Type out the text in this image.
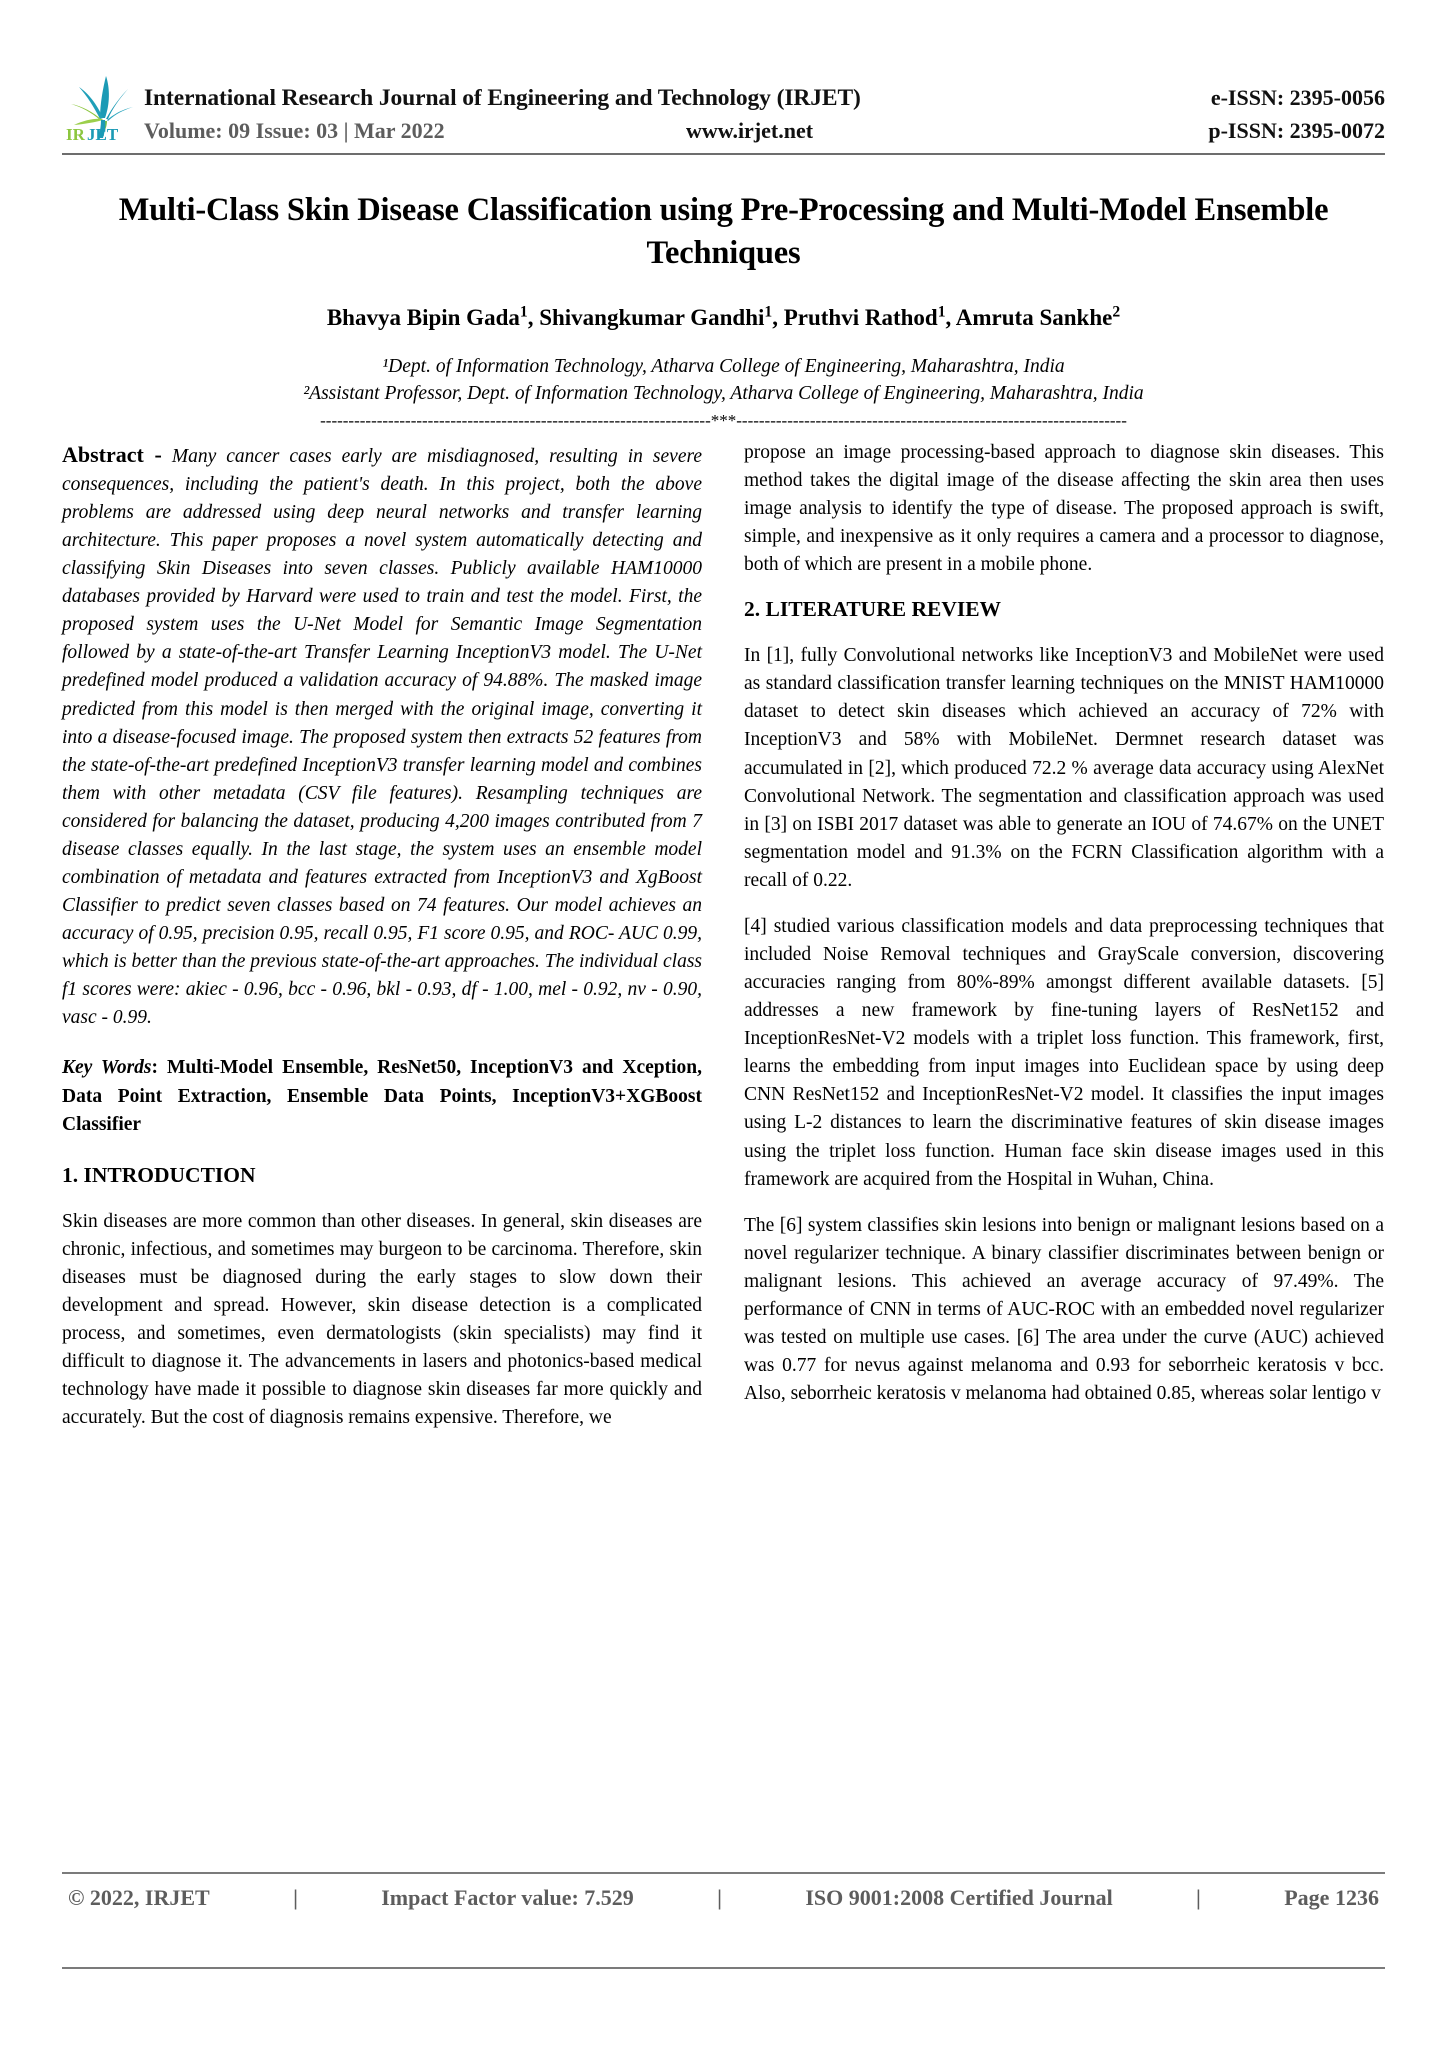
IR JET
International Research Journal of Engineering and Technology (IRJET)	e-ISSN: 2395-0056
Volume: 09 Issue: 03 | Mar 2022	www.irjet.net	p-ISSN: 2395-0072
Multi-Class Skin Disease Classification using Pre-Processing and Multi-Model Ensemble Techniques
Bhavya Bipin Gada$^1$, Shivangkumar Gandhi$^1$, Pruthvi Rathod$^1$, Amruta Sankhe$^2$
¹Dept. of Information Technology, Atharva College of Engineering, Maharashtra, India
²Assistant Professor, Dept. of Information Technology, Atharva College of Engineering, Maharashtra, India
---------------------------------------------------------------------***---------------------------------------------------------------------

Abstract - Many cancer cases early are misdiagnosed, resulting in severe consequences, including the patient's death. In this project, both the above problems are addressed using deep neural networks and transfer learning architecture. This paper proposes a novel system automatically detecting and classifying Skin Diseases into seven classes. Publicly available HAM10000 databases provided by Harvard were used to train and test the model. First, the proposed system uses the U-Net Model for Semantic Image Segmentation followed by a state-of-the-art Transfer Learning InceptionV3 model. The U-Net predefined model produced a validation accuracy of 94.88%. The masked image predicted from this model is then merged with the original image, converting it into a disease-focused image. The proposed system then extracts 52 features from the state-of-the-art predefined InceptionV3 transfer learning model and combines them with other metadata (CSV file features). Resampling techniques are considered for balancing the dataset, producing 4,200 images contributed from 7 disease classes equally. In the last stage, the system uses an ensemble model combination of metadata and features extracted from InceptionV3 and XgBoost Classifier to predict seven classes based on 74 features. Our model achieves an accuracy of 0.95, precision 0.95, recall 0.95, F1 score 0.95, and ROC- AUC 0.99, which is better than the previous state-of-the-art approaches. The individual class f1 scores were: akiec - 0.96, bcc - 0.96, bkl - 0.93, df - 1.00, mel - 0.92, nv - 0.90, vasc - 0.99.

Key Words: Multi-Model Ensemble, ResNet50, InceptionV3 and Xception, Data Point Extraction, Ensemble Data Points, InceptionV3+XGBoost Classifier

1. INTRODUCTION

Skin diseases are more common than other diseases. In general, skin diseases are chronic, infectious, and sometimes may burgeon to be carcinoma. Therefore, skin diseases must be diagnosed during the early stages to slow down their development and spread. However, skin disease detection is a complicated process, and sometimes, even dermatologists (skin specialists) may find it difficult to diagnose it. The advancements in lasers and photonics-based medical technology have made it possible to diagnose skin diseases far more quickly and accurately. But the cost of diagnosis remains expensive. Therefore, we

propose an image processing-based approach to diagnose skin diseases. This method takes the digital image of the disease affecting the skin area then uses image analysis to identify the type of disease. The proposed approach is swift, simple, and inexpensive as it only requires a camera and a processor to diagnose, both of which are present in a mobile phone.

2. LITERATURE REVIEW

In [1], fully Convolutional networks like InceptionV3 and MobileNet were used as standard classification transfer learning techniques on the MNIST HAM10000 dataset to detect skin diseases which achieved an accuracy of 72% with InceptionV3 and 58% with MobileNet. Dermnet research dataset was accumulated in [2], which produced 72.2 % average data accuracy using AlexNet Convolutional Network. The segmentation and classification approach was used in [3] on ISBI 2017 dataset was able to generate an IOU of 74.67% on the UNET segmentation model and 91.3% on the FCRN Classification algorithm with a recall of 0.22.

[4] studied various classification models and data preprocessing techniques that included Noise Removal techniques and GrayScale conversion, discovering accuracies ranging from 80%-89% amongst different available datasets. [5] addresses a new framework by fine-tuning layers of ResNet152 and InceptionResNet-V2 models with a triplet loss function. This framework, first, learns the embedding from input images into Euclidean space by using deep CNN ResNet152 and InceptionResNet-V2 model. It classifies the input images using L-2 distances to learn the discriminative features of skin disease images using the triplet loss function. Human face skin disease images used in this framework are acquired from the Hospital in Wuhan, China.

The [6] system classifies skin lesions into benign or malignant lesions based on a novel regularizer technique. A binary classifier discriminates between benign or malignant lesions. This achieved an average accuracy of 97.49%. The performance of CNN in terms of AUC-ROC with an embedded novel regularizer was tested on multiple use cases. [6] The area under the curve (AUC) achieved was 0.77 for nevus against melanoma and 0.93 for seborrheic keratosis v bcc. Also, seborrheic keratosis v melanoma had obtained 0.85, whereas solar lentigo v

© 2022, IRJET	|	Impact Factor value: 7.529	|	ISO 9001:2008 Certified Journal	|	Page 1236
